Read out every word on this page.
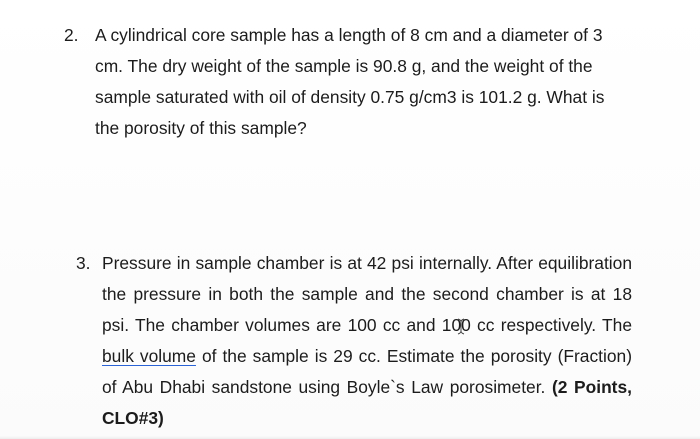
2. A cylindrical core sample has a length of 8 cm and a diameter of 3 cm. The dry weight of the sample is 90.8 g, and the weight of the sample saturated with oil of density 0.75 g/cm3 is 101.2 g. What is the porosity of this sample?
3. Pressure in sample chamber is at 42 psi internally. After equilibration the pressure in both the sample and the second chamber is at 18 psi. The chamber volumes are 100 cc and 100 cc respectively. The bulk volume of the sample is 29 cc. Estimate the porosity (Fraction) of Abu Dhabi sandstone using Boyle`s Law porosimeter. (2 Points, CLO#3)
